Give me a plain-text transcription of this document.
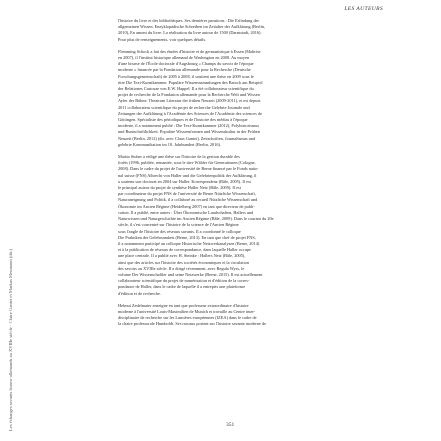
LES AUTEURS
Les échanges savants franco-allemands au XVIIIe siècle · Claire Gantet et Markus Meumann (dir.)
l'histoire du livre et des bibliothèques. Ses dernières parutions : Die Erfindung der
allgemeinen Wissen. Enzyklopädische Schreiben im Zeitalter der Aufklärung (Berlin,
2010), En amont du livre. La réalisation du livre autour de 1500 (Darmstadt, 2016).
Pour plus de renseignements, voir quelques détails.
Flemming Schock a fait des études d'histoire et de germanistique à Essen (Maîtrise
en 2007), il l'institut historique allemand de Washington en 2008. Au moyen
d'une bourse de l'École doctorale d'Augsbourg « Champs du savoir de l'époque
moderne » financée par la Fondation allemande pour la Recherche (Deutsche
Forschungsgemeinschaft) de 2005 à 2008, il soutient une thèse en 2009 sous le
titre Die Text-Kunstkammer. Populäre Wissenssammlungen des Barock am Beispiel
der Relationes Curiosae von E.W. Happel. Il a été collaborateur scientifique du
projet de recherche de la Fondation allemande pour la Recherche Welt und Wissen
Ayfer der Bühne. Theatrum Literatur der frühen Neuzeit (2009-2011), et est depuis
2011 collaborateur scientifique du projet de recherche Gelehrte Journale und
Zeitungen der Aufklärung à l'Académie des Sciences de l'Académie des sciences de
Göttingen. Spécialiste des périodiques et de l'histoire des médias à l'époque
moderne, il a notamment publié : Die Text-Kunstkammer (2012), Polyhistorismus
und Buntschriftlichkeit. Populäre Wissensformen und Wissenskultur in der Frühen
Neuzeit (Berlin, 2012) (dir. avec Claus Gantet), Zeitschriften, Journalismus und
gelehrte Kommunikation im 18. Jahrhundert (Berlin, 2016).
Martin Stuber a rédigé une thèse sur l'histoire de la gestion durable des
forêts (1996, publiée, remaniée, sous le titre Wälder für Generationen (Cologne,
2008). Dans le cadre du projet de l'université de Berne financé par le Fonds natio-
nal suisse (FNS) Albrecht von Haller und die Gelehrtenpolitik der Aufklärung, il
a soutenu son doctorat en 2004 sur Haller. Korrespondenz (Bâle, 2005). Il est
le principal auteur du projet de synthèse Haller Netz (Bâle, 2009). Il est
par coordinateur du projet FNS de l'université de Berne Nützliche Wissenschaft,
Naturaneignung und Politik, il a collaboré au recueil Nützliche Wissenschaft und
Ökonomie im Ancien Régime (Heidelberg 2007) en tant que directeur de publi-
cation. Il a publié, entre autres : Über Ökonomische Landschaften, Hallers und
Naturwissen und Naturgeschichte im Ancien Régime (Bâle, 2009). Dans le courant du 20e
siècle, il s'est concentré sur l'histoire de la science de l'Ancien Régime
sous l'angle de l'histoire des réseaux savants. Il a coordonné le colloque
Die Praktiken der Gelehrsamkeit (Berne, 2013). En tant que chef de projet FNS,
il a notamment participé au colloque Historische Netzwerkanalysen (Berne, 2014)
et à la publication de réseaux de correspondance, dans laquelle Haller occupe
une place centrale. Il a publié avec H. Steinke : Hallers Netz (Bâle, 2005),
ainsi que des articles sur l'histoire des sociétés économiques et la circulation
des savoirs au XVIIIe siècle. Il a dirigé récemment, avec Regula Wyss, le
volume Der Wissenschaftler und seine Netzwerke (Berne, 2015). Il est actuellement
collaborateur scientifique du projet de numérisation et d'édition de la corres-
pondance de Haller, dans le cadre de laquelle il a entrepris une plateforme
d'édition et de recherche.
Helmut Zedelmaier enseigne en tant que professeur extraordinaire d'histoire
moderne à l'université Louis-Maximilien de Munich et travaille au Centre inter-
disciplinaire de recherche sur les Lumières européennes (IZEA) dans le cadre de
la chaire professorale Humboldt. Ses travaux portent sur l'histoire savante moderne de
351
